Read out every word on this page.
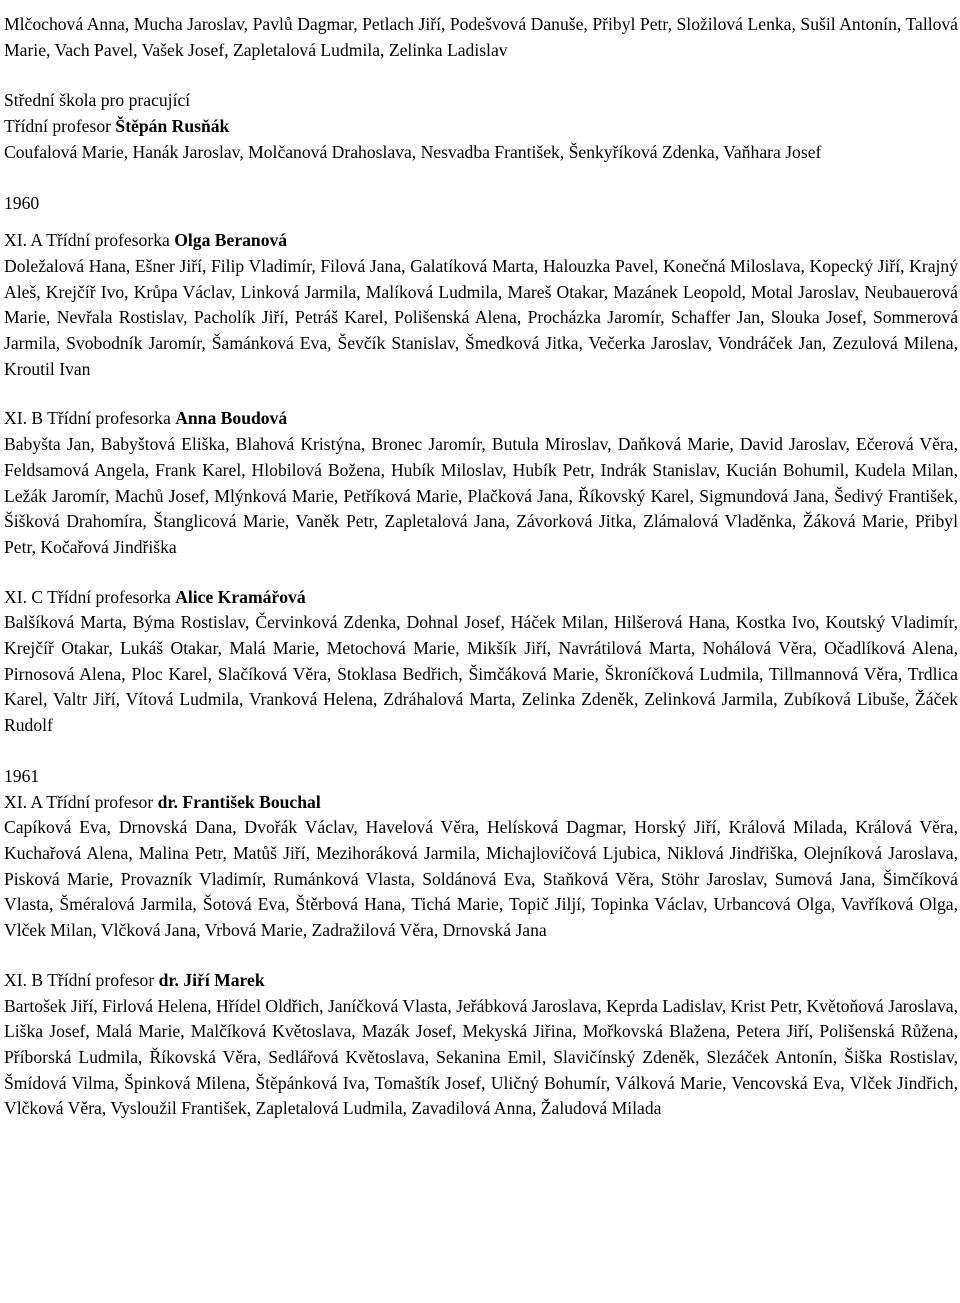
Mlčochová Anna, Mucha Jaroslav, Pavlů Dagmar, Petlach Jiří, Podešvová Danuše, Přibyl Petr, Složilová Lenka, Sušil Antonín, Tallová Marie, Vach Pavel, Vašek Josef, Zapletalová Ludmila, Zelinka Ladislav

Střední škola pro pracující
Třídní profesor Štěpán Rusňák

Coufalová Marie, Hanák Jaroslav, Molčanová Drahoslava, Nesvadba František, Šenkyříková Zdenka, Vaňhara Josef

1960
XI. A Třídní profesorka Olga Beranová

Doležalová Hana, Ešner Jiří, Filip Vladimír, Filová Jana, Galatíková Marta, Halouzka Pavel, Konečná Miloslava, Kopecký Jiří, Krajný Aleš, Krejčíř Ivo, Krůpa Václav, Linková Jarmila, Malíková Ludmila, Mareš Otakar, Mazánek Leopold, Motal Jaroslav, Neubauerová Marie, Nevřala Rostislav, Pacholík Jiří, Petráš Karel, Polišenská Alena, Procházka Jaromír, Schaffer Jan, Slouka Josef, Sommerová Jarmila, Svobodník Jaromír, Šamánková Eva, Ševčík Stanislav, Šmedková Jitka, Večerka Jaroslav, Vondráček Jan, Zezulová Milena, Kroutil Ivan

XI. B Třídní profesorka Anna Boudová

Babyšta Jan, Babyštová Eliška, Blahová Kristýna, Bronec Jaromír, Butula Miroslav, Daňková Marie, David Jaroslav, Ečerová Věra, Feldsamová Angela, Frank Karel, Hlobilová Božena, Hubík Miloslav, Hubík Petr, Indrák Stanislav, Kucián Bohumil, Kudela Milan, Ležák Jaromír, Machů Josef, Mlýnková Marie, Petříková Marie, Plačková Jana, Říkovský Karel, Sigmundová Jana, Šedivý František, Šišková Drahomíra, Štanglicová Marie, Vaněk Petr, Zapletalová Jana, Závorková Jitka, Zlámalová Vladěnka, Žáková Marie, Přibyl Petr, Kočařová Jindřiška

XI. C Třídní profesorka Alice Kramářová

Balšíková Marta, Býma Rostislav, Červinková Zdenka, Dohnal Josef, Háček Milan, Hilšerová Hana, Kostka Ivo, Koutský Vladimír, Krejčíř Otakar, Lukáš Otakar, Malá Marie, Metochová Marie, Mikšík Jiří, Navrátilová Marta, Nohálová Věra, Očadlíková Alena, Pirnosová Alena, Ploc Karel, Slačíková Věra, Stoklasa Bedřich, Šimčáková Marie, Škroníčková Ludmila, Tillmannová Věra, Trdlica Karel, Valtr Jiří, Vítová Ludmila, Vranková Helena, Zdráhalová Marta, Zelinka Zdeněk, Zelinková Jarmila, Zubíková Libuše, Žáček Rudolf

1961
XI. A Třídní profesor dr. František Bouchal

Capíková Eva, Drnovská Dana, Dvořák Václav, Havelová Věra, Helísková Dagmar, Horský Jiří, Králová Milada, Králová Věra, Kuchařová Alena, Malina Petr, Matůš Jiří, Mezihoráková Jarmila, Michajlovičová Ljubica, Niklová Jindřiška, Olejníková Jaroslava, Pisková Marie, Provazník Vladimír, Rumánková Vlasta, Soldánová Eva, Staňková Věra, Stöhr Jaroslav, Sumová Jana, Šimčíková Vlasta, Šméralová Jarmila, Šotová Eva, Štěrbová Hana, Tichá Marie, Topič Jiljí, Topinka Václav, Urbancová Olga, Vavříková Olga, Vlček Milan, Vlčková Jana, Vrbová Marie, Zadražilová Věra, Drnovská Jana

XI. B Třídní profesor dr. Jiří Marek

Bartošek Jiří, Firlová Helena, Hřídel Oldřich, Janíčková Vlasta, Jeřábková Jaroslava, Keprda Ladislav, Krist Petr, Květoňová Jaroslava, Liška Josef, Malá Marie, Malčíková Květoslava, Mazák Josef, Mekyská Jiřina, Mořkovská Blažena, Petera Jiří, Polišenská Růžena, Příborská Ludmila, Říkovská Věra, Sedlářová Květoslava, Sekanina Emil, Slavičínský Zdeněk, Slezáček Antonín, Šiška Rostislav, Šmídová Vilma, Špinková Milena, Štěpánková Iva, Tomaštík Josef, Uličný Bohumír, Válková Marie, Vencovská Eva, Vlček Jindřich, Vlčková Věra, Vysloužil František, Zapletalová Ludmila, Zavadilová Anna, Žaludová Milada
